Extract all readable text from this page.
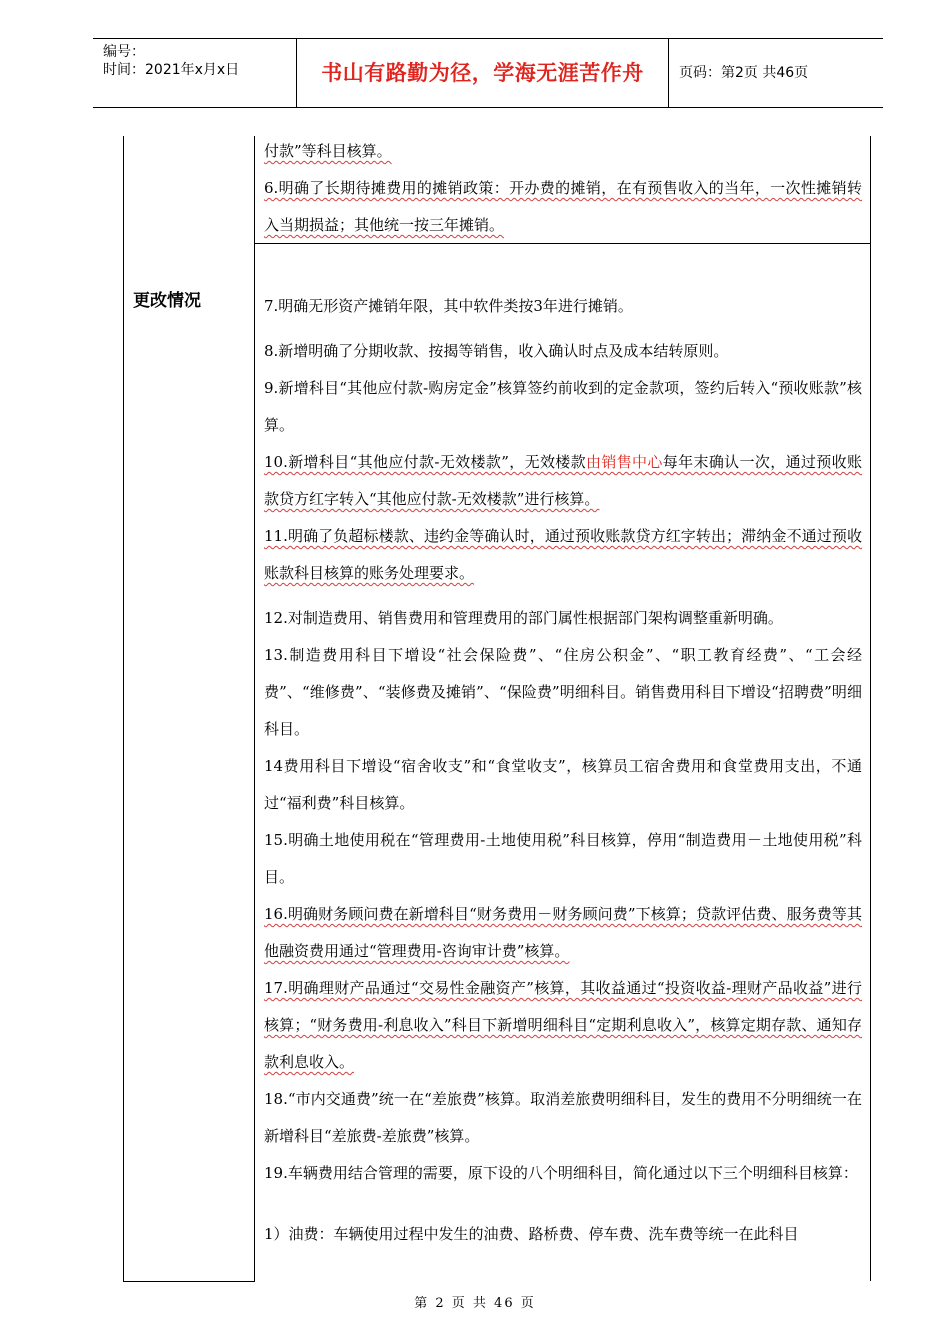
编号：
时间：2021年x月x日	书山有路勤为径，学海无涯苦作舟	页码：第2页 共46页
更改情况

付款”等科目核算。

6.明确了长期待摊费用的摊销政策：开办费的摊销，在有预售收入的当年，一次性摊销转入当期损益；其他统一按三年摊销。

7.明确无形资产摊销年限，其中软件类按3年进行摊销。

8.新增明确了分期收款、按揭等销售，收入确认时点及成本结转原则。

9.新增科目“其他应付款-购房定金”核算签约前收到的定金款项，签约后转入“预收账款”核算。

10.新增科目“其他应付款-无效楼款”，无效楼款由销售中心每年末确认一次，通过预收账款贷方红字转入“其他应付款-无效楼款”进行核算。

11.明确了负超标楼款、违约金等确认时，通过预收账款贷方红字转出；滞纳金不通过预收账款科目核算的账务处理要求。

12.对制造费用、销售费用和管理费用的部门属性根据部门架构调整重新明确。

13.制造费用科目下增设“社会保险费”、“住房公积金”、“职工教育经费”、“工会经费”、“维修费”、“装修费及摊销”、“保险费”明细科目。销售费用科目下增设“招聘费”明细科目。

14费用科目下增设“宿舍收支”和“食堂收支”，核算员工宿舍费用和食堂费用支出，不通过“福利费”科目核算。

15.明确土地使用税在“管理费用-土地使用税”科目核算，停用“制造费用－土地使用税”科目。

16.明确财务顾问费在新增科目“财务费用－财务顾问费”下核算；贷款评估费、服务费等其他融资费用通过“管理费用-咨询审计费”核算。

17.明确理财产品通过“交易性金融资产”核算，其收益通过“投资收益-理财产品收益”进行核算；“财务费用-利息收入”科目下新增明细科目“定期利息收入”，核算定期存款、通知存款利息收入。

18.“市内交通费”统一在“差旅费”核算。取消差旅费明细科目，发生的费用不分明细统一在新增科目“差旅费-差旅费”核算。

19.车辆费用结合管理的需要，原下设的八个明细科目，简化通过以下三个明细科目核算：

1）油费：车辆使用过程中发生的油费、路桥费、停车费、洗车费等统一在此科目

第 2 页 共 46 页
